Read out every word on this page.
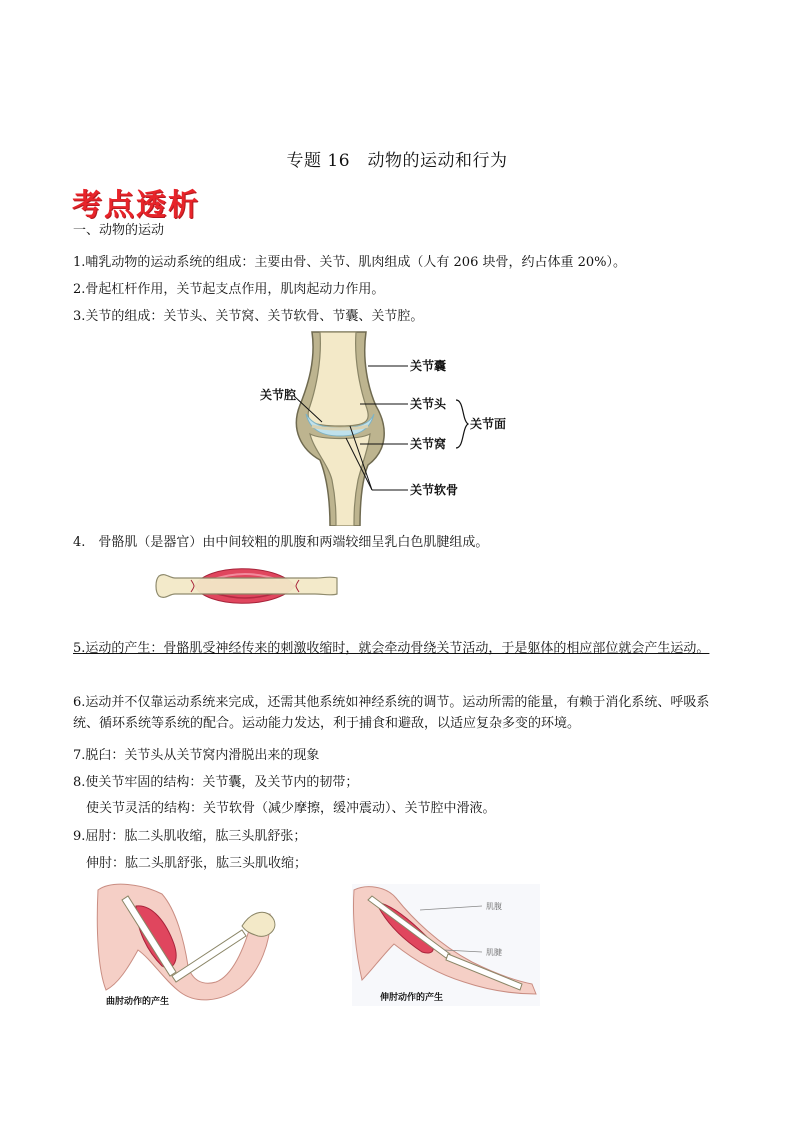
专题 16　动物的运动和行为
考点透析
一、动物的运动
1.哺乳动物的运动系统的组成：主要由骨、关节、肌肉组成（人有 206 块骨，约占体重 20%）。
2.骨起杠杆作用，关节起支点作用，肌肉起动力作用。
3.关节的组成：关节头、关节窝、关节软骨、节囊、关节腔。
关节囊
关节腔
关节头
关节面
关节窝
关节软骨
4.　骨骼肌（是器官）由中间较粗的肌腹和两端较细呈乳白色肌腱组成。
5.运动的产生：骨骼肌受神经传来的刺激收缩时，就会牵动骨绕关节活动，于是躯体的相应部位就会产生运动。
6.运动并不仅靠运动系统来完成，还需其他系统如神经系统的调节。运动所需的能量，有赖于消化系统、呼吸系统、循环系统等系统的配合。运动能力发达，利于捕食和避敌，以适应复杂多变的环境。
7.脱臼：关节头从关节窝内滑脱出来的现象
8.使关节牢固的结构：关节囊，及关节内的韧带；
使关节灵活的结构：关节软骨（减少摩擦，缓冲震动）、关节腔中滑液。
9.屈肘：肱二头肌收缩，肱三头肌舒张；
伸肘：肱二头肌舒张，肱三头肌收缩；
曲肘动作的产生
肌腹
肌腱
伸肘动作的产生
